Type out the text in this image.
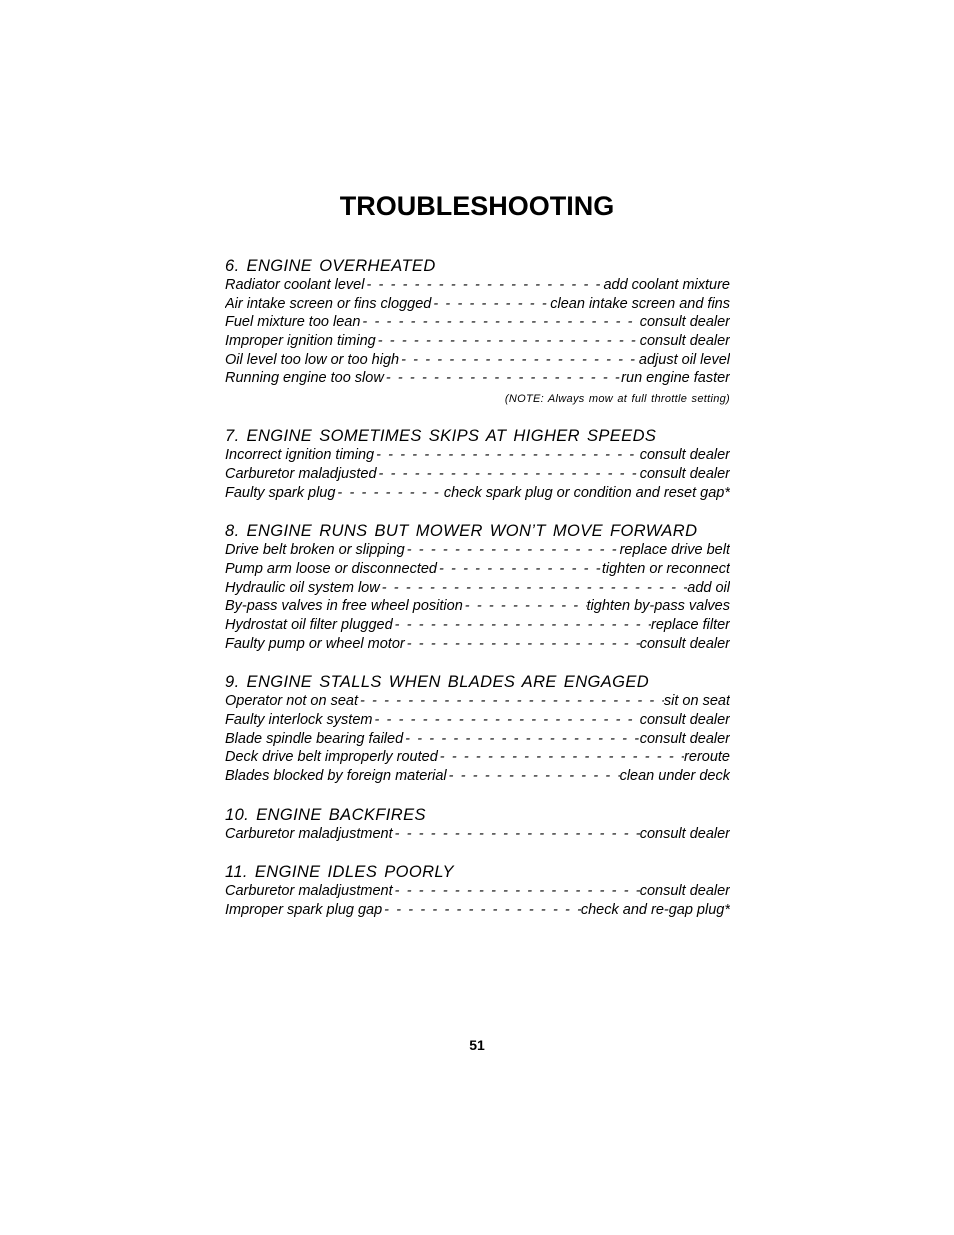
TROUBLESHOOTING
6. ENGINE OVERHEATED
Radiator coolant level - - -	add coolant mixture
Air intake screen or fins clogged - - -	clean intake screen and fins
Fuel mixture too lean - - -	consult dealer
Improper ignition timing - - -	consult dealer
Oil level too low or too high - - -	adjust oil level
Running engine too slow - - -	run engine faster
(NOTE: Always mow at full throttle setting)
7. ENGINE SOMETIMES SKIPS AT HIGHER SPEEDS
Incorrect ignition timing - - -	consult dealer
Carburetor maladjusted - - -	consult dealer
Faulty spark plug - - -	check spark plug or condition and reset gap*
8. ENGINE RUNS BUT MOWER WON’T MOVE FORWARD
Drive belt broken or slipping - - -	replace drive belt
Pump arm loose or disconnected - - -	tighten or reconnect
Hydraulic oil system low - - -	add oil
By-pass valves in free wheel position - - -	tighten by-pass valves
Hydrostat oil filter plugged - - -	replace filter
Faulty pump or wheel motor - - -	consult dealer
9. ENGINE STALLS WHEN BLADES ARE ENGAGED
Operator not on seat - - -	sit on seat
Faulty interlock system - - -	consult dealer
Blade spindle bearing failed - - -	consult dealer
Deck drive belt improperly routed - - -	reroute
Blades blocked by foreign material - - -	clean under deck
10. ENGINE BACKFIRES
Carburetor maladjustment - - -	consult dealer
11. ENGINE IDLES POORLY
Carburetor maladjustment - - -	consult dealer
Improper spark plug gap - - -	check and re-gap plug*
51
